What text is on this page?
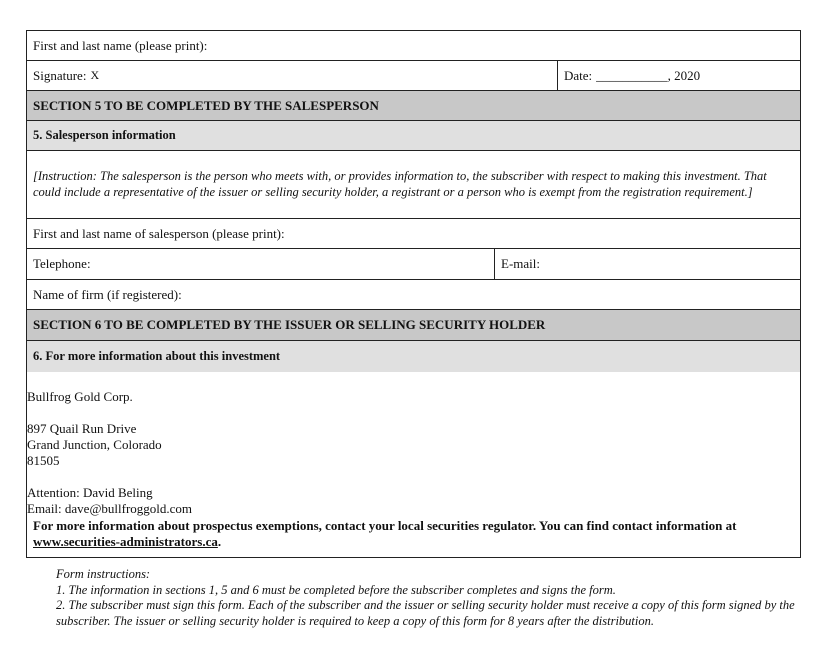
First and last name (please print):
Signature: X	Date: ___________ , 2020
SECTION 5 TO BE COMPLETED BY THE SALESPERSON
5. Salesperson information
[Instruction: The salesperson is the person who meets with, or provides information to, the subscriber with respect to making this investment. That could include a representative of the issuer or selling security holder, a registrant or a person who is exempt from the registration requirement.]
First and last name of salesperson (please print):
Telephone:	E-mail:
Name of firm (if registered):
SECTION 6 TO BE COMPLETED BY THE ISSUER OR SELLING SECURITY HOLDER
6. For more information about this investment
Bullfrog Gold Corp.
897 Quail Run Drive
Grand Junction, Colorado
81505
Attention: David Beling
Email: dave@bullfroggold.com
For more information about prospectus exemptions, contact your local securities regulator. You can find contact information at www.securities-administrators.ca.
Form instructions:
1. The information in sections 1, 5 and 6 must be completed before the subscriber completes and signs the form.
2. The subscriber must sign this form. Each of the subscriber and the issuer or selling security holder must receive a copy of this form signed by the subscriber. The issuer or selling security holder is required to keep a copy of this form for 8 years after the distribution.
